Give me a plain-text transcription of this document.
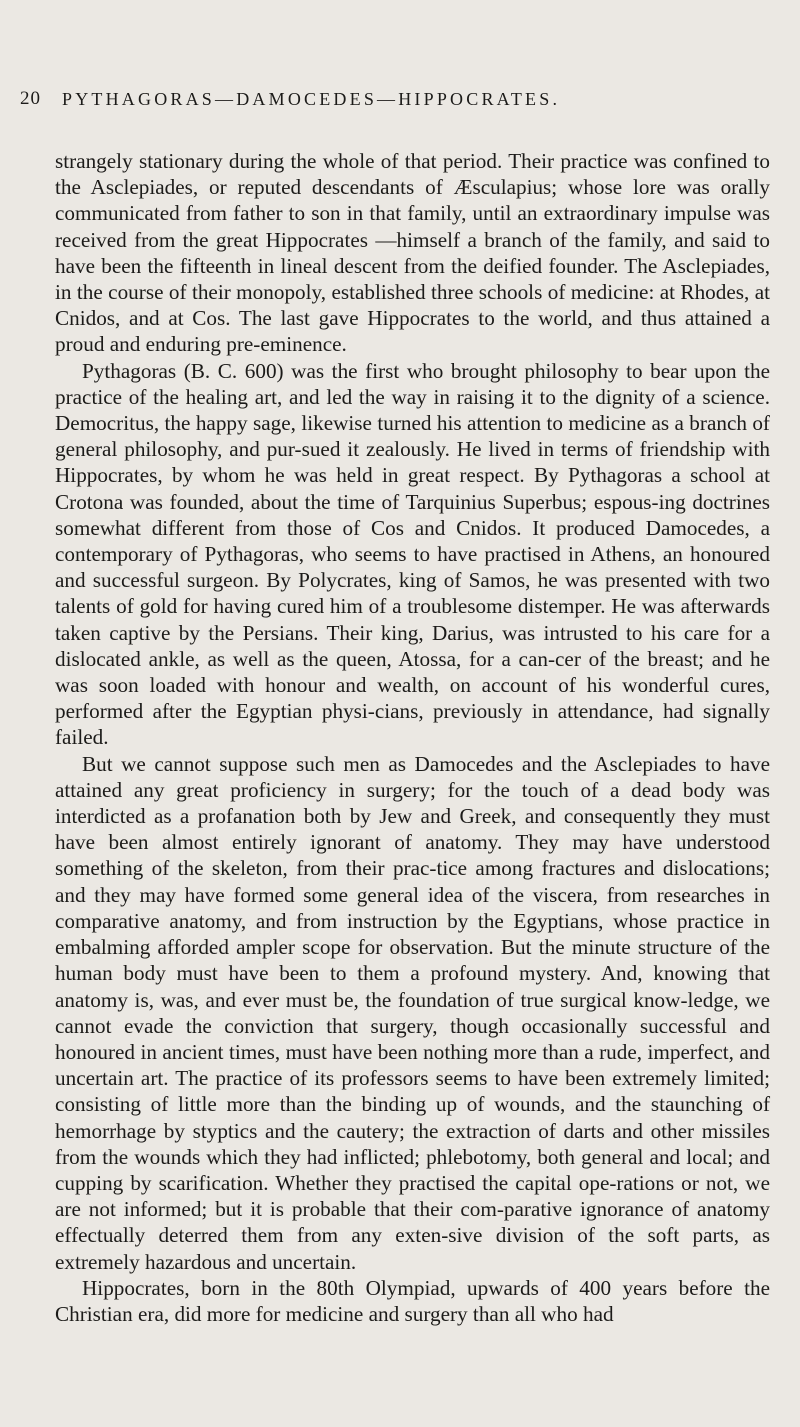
20 PYTHAGORAS—DAMOCEDES—HIPPOCRATES.

strangely stationary during the whole of that period. Their practice was confined to the Asclepiades, or reputed descendants of Æsculapius; whose lore was orally communicated from father to son in that family, until an extraordinary impulse was received from the great Hippocrates —himself a branch of the family, and said to have been the fifteenth in lineal descent from the deified founder. The Asclepiades, in the course of their monopoly, established three schools of medicine: at Rhodes, at Cnidos, and at Cos. The last gave Hippocrates to the world, and thus attained a proud and enduring pre-eminence.

Pythagoras (B. C. 600) was the first who brought philosophy to bear upon the practice of the healing art, and led the way in raising it to the dignity of a science. Democritus, the happy sage, likewise turned his attention to medicine as a branch of general philosophy, and pur-sued it zealously. He lived in terms of friendship with Hippocrates, by whom he was held in great respect. By Pythagoras a school at Crotona was founded, about the time of Tarquinius Superbus; espous-ing doctrines somewhat different from those of Cos and Cnidos. It produced Damocedes, a contemporary of Pythagoras, who seems to have practised in Athens, an honoured and successful surgeon. By Polycrates, king of Samos, he was presented with two talents of gold for having cured him of a troublesome distemper. He was afterwards taken captive by the Persians. Their king, Darius, was intrusted to his care for a dislocated ankle, as well as the queen, Atossa, for a can-cer of the breast; and he was soon loaded with honour and wealth, on account of his wonderful cures, performed after the Egyptian physi-cians, previously in attendance, had signally failed.

But we cannot suppose such men as Damocedes and the Asclepiades to have attained any great proficiency in surgery; for the touch of a dead body was interdicted as a profanation both by Jew and Greek, and consequently they must have been almost entirely ignorant of anatomy. They may have understood something of the skeleton, from their prac-tice among fractures and dislocations; and they may have formed some general idea of the viscera, from researches in comparative anatomy, and from instruction by the Egyptians, whose practice in embalming afforded ampler scope for observation. But the minute structure of the human body must have been to them a profound mystery. And, knowing that anatomy is, was, and ever must be, the foundation of true surgical know-ledge, we cannot evade the conviction that surgery, though occasionally successful and honoured in ancient times, must have been nothing more than a rude, imperfect, and uncertain art. The practice of its professors seems to have been extremely limited; consisting of little more than the binding up of wounds, and the staunching of hemorrhage by styptics and the cautery; the extraction of darts and other missiles from the wounds which they had inflicted; phlebotomy, both general and local; and cupping by scarification. Whether they practised the capital ope-rations or not, we are not informed; but it is probable that their com-parative ignorance of anatomy effectually deterred them from any exten-sive division of the soft parts, as extremely hazardous and uncertain.

Hippocrates, born in the 80th Olympiad, upwards of 400 years before the Christian era, did more for medicine and surgery than all who had
